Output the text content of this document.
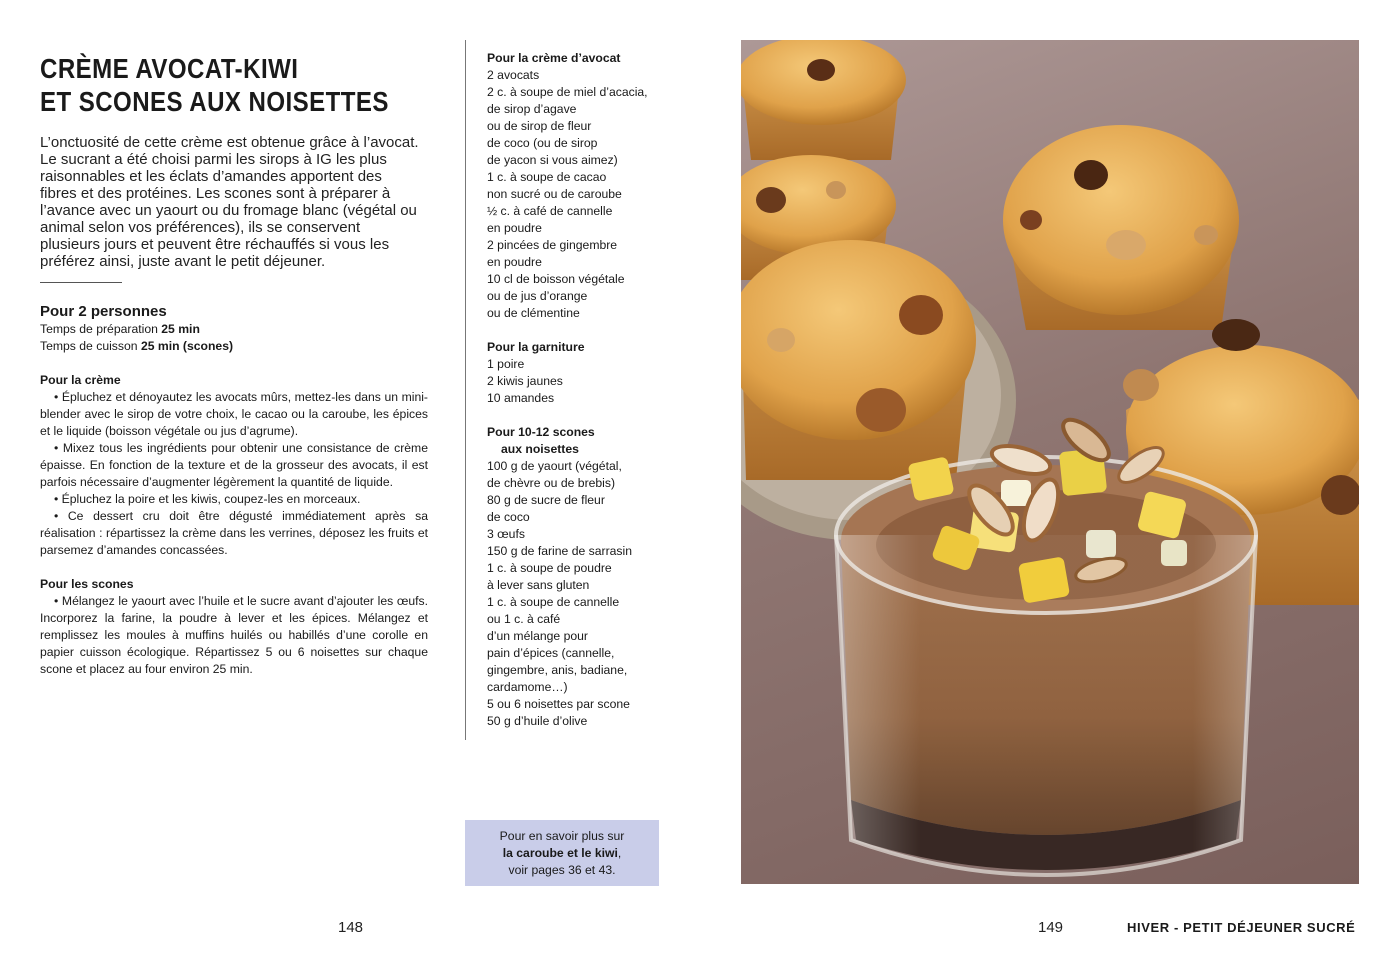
CRÈME AVOCAT-KIWI
ET SCONES AUX NOISETTES

L’onctuosité de cette crème est obtenue grâce à l’avocat. Le sucrant a été choisi parmi les sirops à IG les plus raisonnables et les éclats d’amandes apportent des fibres et des protéines. Les scones sont à préparer à l’avance avec un yaourt ou du fromage blanc (végétal ou animal selon vos préférences), ils se conservent plusieurs jours et peuvent être réchauffés si vous les préférez ainsi, juste avant le petit déjeuner.

Pour 2 personnes

Temps de préparation 25 min

Temps de cuisson 25 min (scones)

Pour la crème

• Épluchez et dénoyautez les avocats mûrs, mettez-les dans un mini-blender avec le sirop de votre choix, le cacao ou la caroube, les épices et le liquide (boisson végétale ou jus d’agrume).

• Mixez tous les ingrédients pour obtenir une consistance de crème épaisse. En fonction de la texture et de la grosseur des avocats, il est parfois nécessaire d’augmenter légèrement la quantité de liquide.

• Épluchez la poire et les kiwis, coupez-les en morceaux.

• Ce dessert cru doit être dégusté immédiatement après sa réalisation : répartissez la crème dans les verrines, déposez les fruits et parsemez d’amandes concassées.

Pour les scones

• Mélangez le yaourt avec l’huile et le sucre avant d’ajouter les œufs. Incorporez la farine, la poudre à lever et les épices. Mélangez et remplissez les moules à muffins huilés ou habillés d’une corolle en papier cuisson écologique. Répartissez 5 ou 6 noisettes sur chaque scone et placez au four environ 25 min.

Pour la crème d’avocat

2 avocats

2 c. à soupe de miel d’acacia,
de sirop d’agave
ou de sirop de fleur
de coco (ou de sirop
de yacon si vous aimez)

1 c. à soupe de cacao
non sucré ou de caroube

½ c. à café de cannelle
en poudre

2 pincées de gingembre
en poudre

10 cl de boisson végétale
ou de jus d’orange
ou de clémentine

Pour la garniture

1 poire

2 kiwis jaunes

10 amandes

Pour 10-12 scones
aux noisettes

100 g de yaourt (végétal,
de chèvre ou de brebis)

80 g de sucre de fleur
de coco

3 œufs

150 g de farine de sarrasin

1 c. à soupe de poudre
à lever sans gluten

1 c. à soupe de cannelle
ou 1 c. à café
d’un mélange pour
pain d’épices (cannelle,
gingembre, anis, badiane,
cardamome…)

5 ou 6 noisettes par scone

50 g d’huile d’olive

Pour en savoir plus sur
la caroube et le kiwi,
voir pages 36 et 43.
148	149	HIVER - PETIT DÉJEUNER SUCRÉ
